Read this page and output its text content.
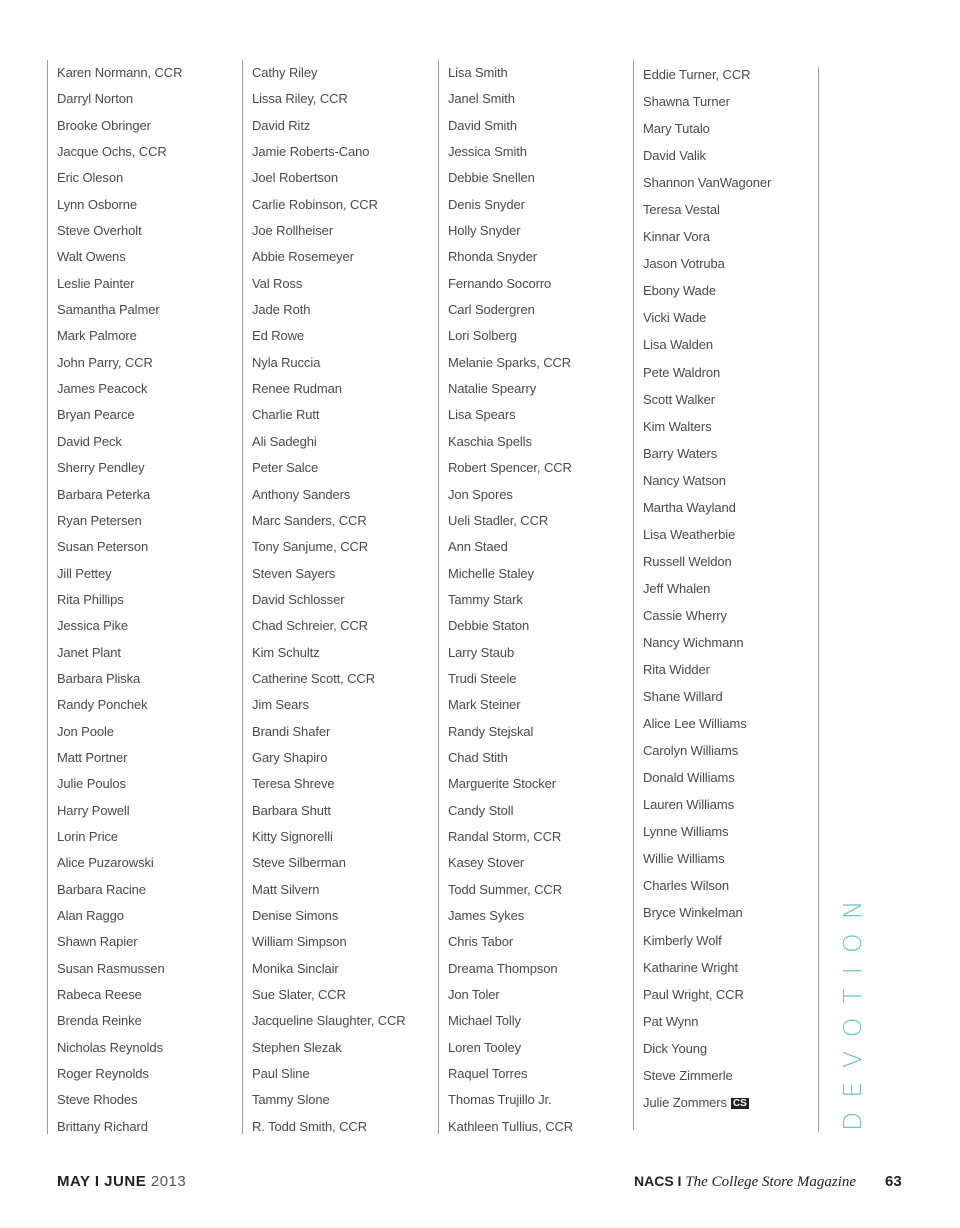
Karen Normann, CCR
Darryl Norton
Brooke Obringer
Jacque Ochs, CCR
Eric Oleson
Lynn Osborne
Steve Overholt
Walt Owens
Leslie Painter
Samantha Palmer
Mark Palmore
John Parry, CCR
James Peacock
Bryan Pearce
David Peck
Sherry Pendley
Barbara Peterka
Ryan Petersen
Susan Peterson
Jill Pettey
Rita Phillips
Jessica Pike
Janet Plant
Barbara Pliska
Randy Ponchek
Jon Poole
Matt Portner
Julie Poulos
Harry Powell
Lorin Price
Alice Puzarowski
Barbara Racine
Alan Raggo
Shawn Rapier
Susan Rasmussen
Rabeca Reese
Brenda Reinke
Nicholas Reynolds
Roger Reynolds
Steve Rhodes
Brittany Richard
Cathy Riley
Lissa Riley, CCR
David Ritz
Jamie Roberts-Cano
Joel Robertson
Carlie Robinson, CCR
Joe Rollheiser
Abbie Rosemeyer
Val Ross
Jade Roth
Ed Rowe
Nyla Ruccia
Renee Rudman
Charlie Rutt
Ali Sadeghi
Peter Salce
Anthony Sanders
Marc Sanders, CCR
Tony Sanjume, CCR
Steven Sayers
David Schlosser
Chad Schreier, CCR
Kim Schultz
Catherine Scott, CCR
Jim Sears
Brandi Shafer
Gary Shapiro
Teresa Shreve
Barbara Shutt
Kitty Signorelli
Steve Silberman
Matt Silvern
Denise Simons
William Simpson
Monika Sinclair
Sue Slater, CCR
Jacqueline Slaughter, CCR
Stephen Slezak
Paul Sline
Tammy Slone
R. Todd Smith, CCR
Lisa Smith
Janel Smith
David Smith
Jessica Smith
Debbie Snellen
Denis Snyder
Holly Snyder
Rhonda Snyder
Fernando Socorro
Carl Sodergren
Lori Solberg
Melanie Sparks, CCR
Natalie Spearry
Lisa Spears
Kaschia Spells
Robert Spencer, CCR
Jon Spores
Ueli Stadler, CCR
Ann Staed
Michelle Staley
Tammy Stark
Debbie Staton
Larry Staub
Trudi Steele
Mark Steiner
Randy Stejskal
Chad Stith
Marguerite Stocker
Candy Stoll
Randal Storm, CCR
Kasey Stover
Todd Summer, CCR
James Sykes
Chris Tabor
Dreama Thompson
Jon Toler
Michael Tolly
Loren Tooley
Raquel Torres
Thomas Trujillo Jr.
Kathleen Tullius, CCR
Eddie Turner, CCR
Shawna Turner
Mary Tutalo
David Valik
Shannon VanWagoner
Teresa Vestal
Kinnar Vora
Jason Votruba
Ebony Wade
Vicki Wade
Lisa Walden
Pete Waldron
Scott Walker
Kim Walters
Barry Waters
Nancy Watson
Martha Wayland
Lisa Weatherbie
Russell Weldon
Jeff Whalen
Cassie Wherry
Nancy Wichmann
Rita Widder
Shane Willard
Alice Lee Williams
Carolyn Williams
Donald Williams
Lauren Williams
Lynne Williams
Willie Williams
Charles Wilson
Bryce Winkelman
Kimberly Wolf
Katharine Wright
Paul Wright, CCR
Pat Wynn
Dick Young
Steve Zimmerle
Julie Zommers CS	DEVOTION
MAY I JUNE 2013	NACS I The College Store Magazine 63
